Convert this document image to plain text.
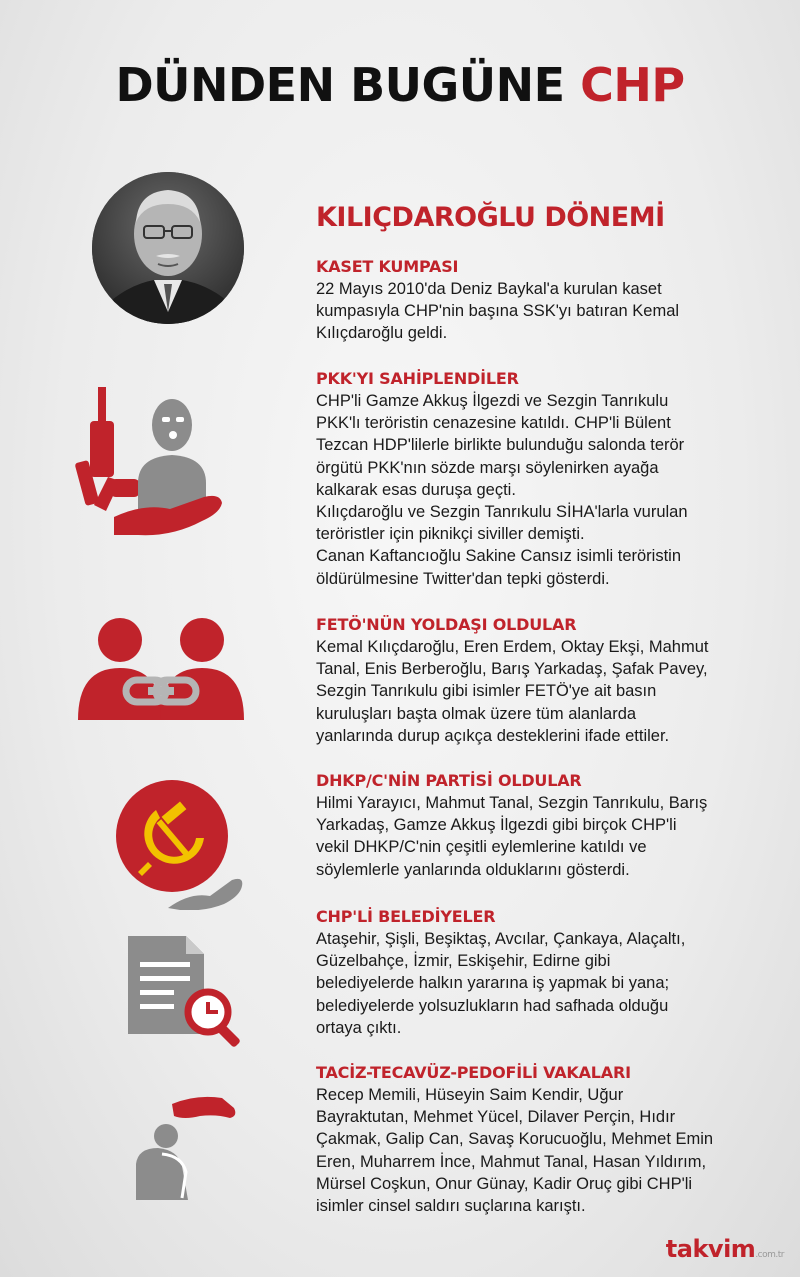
DÜNDEN BUGÜNE CHP
KILIÇDAROĞLU DÖNEMİ
KASET KUMPASI

22 Mayıs 2010'da Deniz Baykal'a kurulan kaset
kumpasıyla CHP'nin başına SSK'yı batıran Kemal
Kılıçdaroğlu geldi.

PKK'YI SAHİPLENDİLER

CHP'li Gamze Akkuş İlgezdi ve Sezgin Tanrıkulu
PKK'lı teröristin cenazesine katıldı. CHP'li Bülent
Tezcan HDP'lilerle birlikte bulunduğu salonda terör
örgütü PKK'nın sözde marşı söylenirken ayağa
kalkarak esas duruşa geçti.
Kılıçdaroğlu ve Sezgin Tanrıkulu SİHA'larla vurulan
teröristler için piknikçi siviller demişti.
Canan Kaftancıoğlu Sakine Cansız isimli teröristin
öldürülmesine Twitter'dan tepki gösterdi.

FETÖ'NÜN YOLDAŞI OLDULAR

Kemal Kılıçdaroğlu, Eren Erdem, Oktay Ekşi, Mahmut
Tanal, Enis Berberoğlu, Barış Yarkadaş, Şafak Pavey,
Sezgin Tanrıkulu gibi isimler FETÖ'ye ait basın
kuruluşları başta olmak üzere tüm alanlarda
yanlarında durup açıkça desteklerini ifade ettiler.

DHKP/C'NİN PARTİSİ OLDULAR

Hilmi Yarayıcı, Mahmut Tanal, Sezgin Tanrıkulu, Barış
Yarkadaş, Gamze Akkuş İlgezdi gibi birçok CHP'li
vekil DHKP/C'nin çeşitli eylemlerine katıldı ve
söylemlerle yanlarında olduklarını gösterdi.

CHP'Lİ BELEDİYELER

Ataşehir, Şişli, Beşiktaş, Avcılar, Çankaya, Alaçaltı,
Güzelbahçe, İzmir, Eskişehir, Edirne gibi
belediyelerde halkın yararına iş yapmak bi yana;
belediyelerde yolsuzlukların had safhada olduğu
ortaya çıktı.

TACİZ-TECAVÜZ-PEDOFİLİ VAKALARI

Recep Memili, Hüseyin Saim Kendir, Uğur
Bayraktutan, Mehmet Yücel, Dilaver Perçin, Hıdır
Çakmak, Galip Can, Savaş Korucuoğlu, Mehmet Emin
Eren, Muharrem İnce, Mahmut Tanal, Hasan Yıldırım,
Mürsel Coşkun, Onur Günay, Kadir Oruç gibi CHP'li
isimler cinsel saldırı suçlarına karıştı.

takvim.com.tr
